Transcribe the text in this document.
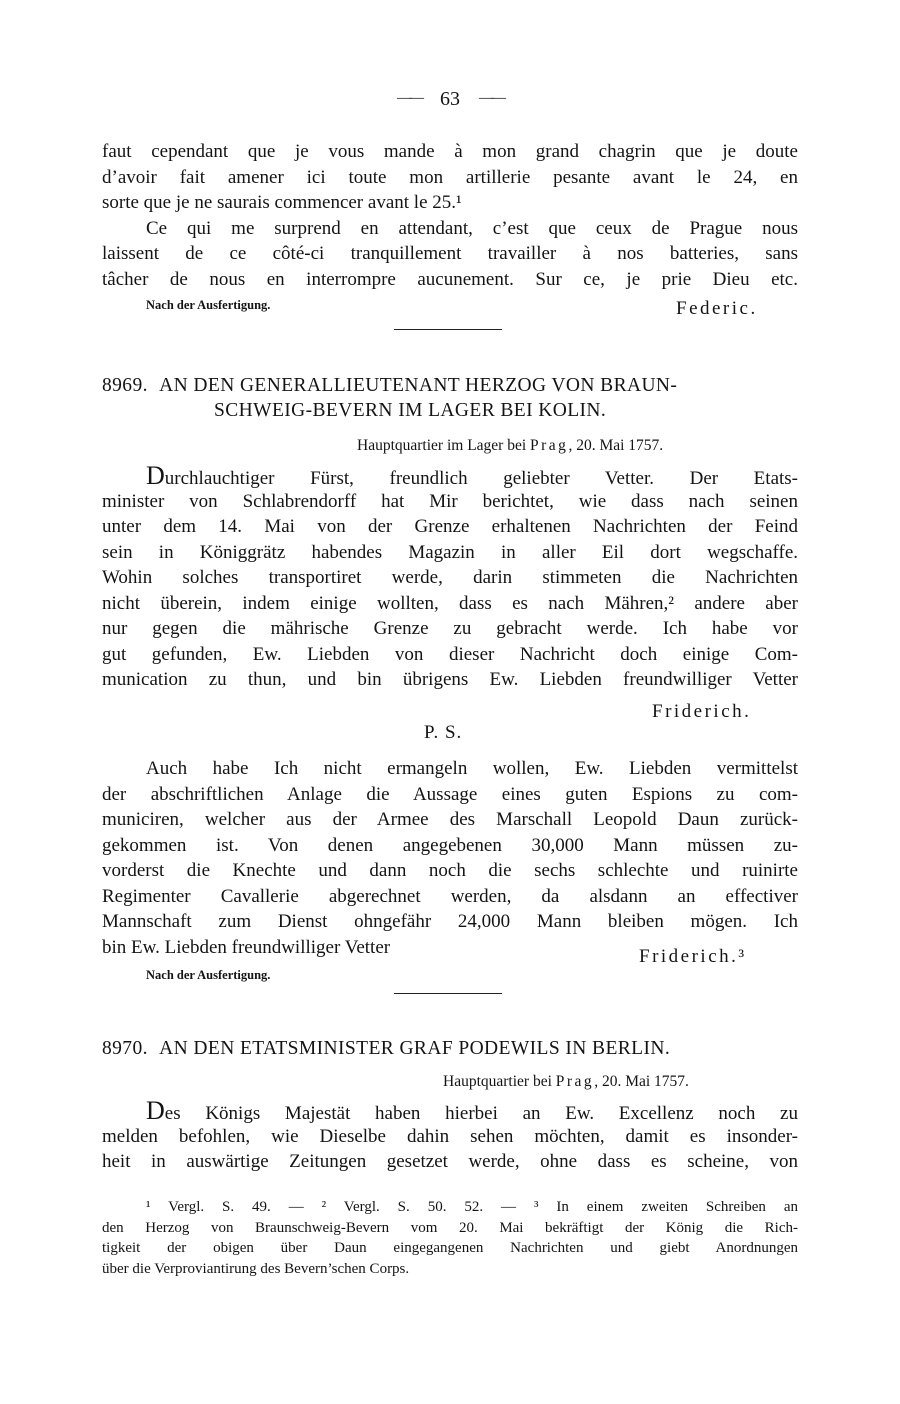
—— 63 ——
faut cependant que je vous mande à mon grand chagrin que je doute
d’avoir fait amener ici toute mon artillerie pesante avant le 24, en
sorte que je ne saurais commencer avant le 25.¹
Ce qui me surprend en attendant, c’est que ceux de Prague nous
laissent de ce côté-ci tranquillement travailler à nos batteries, sans
tâcher de nous en interrompre aucunement. Sur ce, je prie Dieu etc.
Nach der Ausfertigung.	Federic.
8969. AN DEN GENERALLIEUTENANT HERZOG VON BRAUN-
SCHWEIG-BEVERN IM LAGER BEI KOLIN.
Hauptquartier im Lager bei Prag, 20. Mai 1757.
Durchlauchtiger Fürst, freundlich geliebter Vetter. Der Etats-
minister von Schlabrendorff hat Mir berichtet, wie dass nach seinen
unter dem 14. Mai von der Grenze erhaltenen Nachrichten der Feind
sein in Königgrätz habendes Magazin in aller Eil dort wegschaffe.
Wohin solches transportiret werde, darin stimmeten die Nachrichten
nicht überein, indem einige wollten, dass es nach Mähren,² andere aber
nur gegen die mährische Grenze zu gebracht werde. Ich habe vor
gut gefunden, Ew. Liebden von dieser Nachricht doch einige Com-
munication zu thun, und bin übrigens Ew. Liebden freundwilliger Vetter
Friderich.
P. S.
Auch habe Ich nicht ermangeln wollen, Ew. Liebden vermittelst
der abschriftlichen Anlage die Aussage eines guten Espions zu com-
municiren, welcher aus der Armee des Marschall Leopold Daun zurück-
gekommen ist. Von denen angegebenen 30,000 Mann müssen zu-
vorderst die Knechte und dann noch die sechs schlechte und ruinirte
Regimenter Cavallerie abgerechnet werden, da alsdann an effectiver
Mannschaft zum Dienst ohngefähr 24,000 Mann bleiben mögen. Ich
bin Ew. Liebden freundwilliger Vetter	Friderich.³
Nach der Ausfertigung.
8970. AN DEN ETATSMINISTER GRAF PODEWILS IN BERLIN.
Hauptquartier bei Prag, 20. Mai 1757.
Des Königs Majestät haben hierbei an Ew. Excellenz noch zu
melden befohlen, wie Dieselbe dahin sehen möchten, damit es insonder-
heit in auswärtige Zeitungen gesetzet werde, ohne dass es scheine, von
¹ Vergl. S. 49. — ² Vergl. S. 50. 52. — ³ In einem zweiten Schreiben an
den Herzog von Braunschweig-Bevern vom 20. Mai bekräftigt der König die Rich-
tigkeit der obigen über Daun eingegangenen Nachrichten und giebt Anordnungen
über die Verproviantirung des Bevern’schen Corps.
